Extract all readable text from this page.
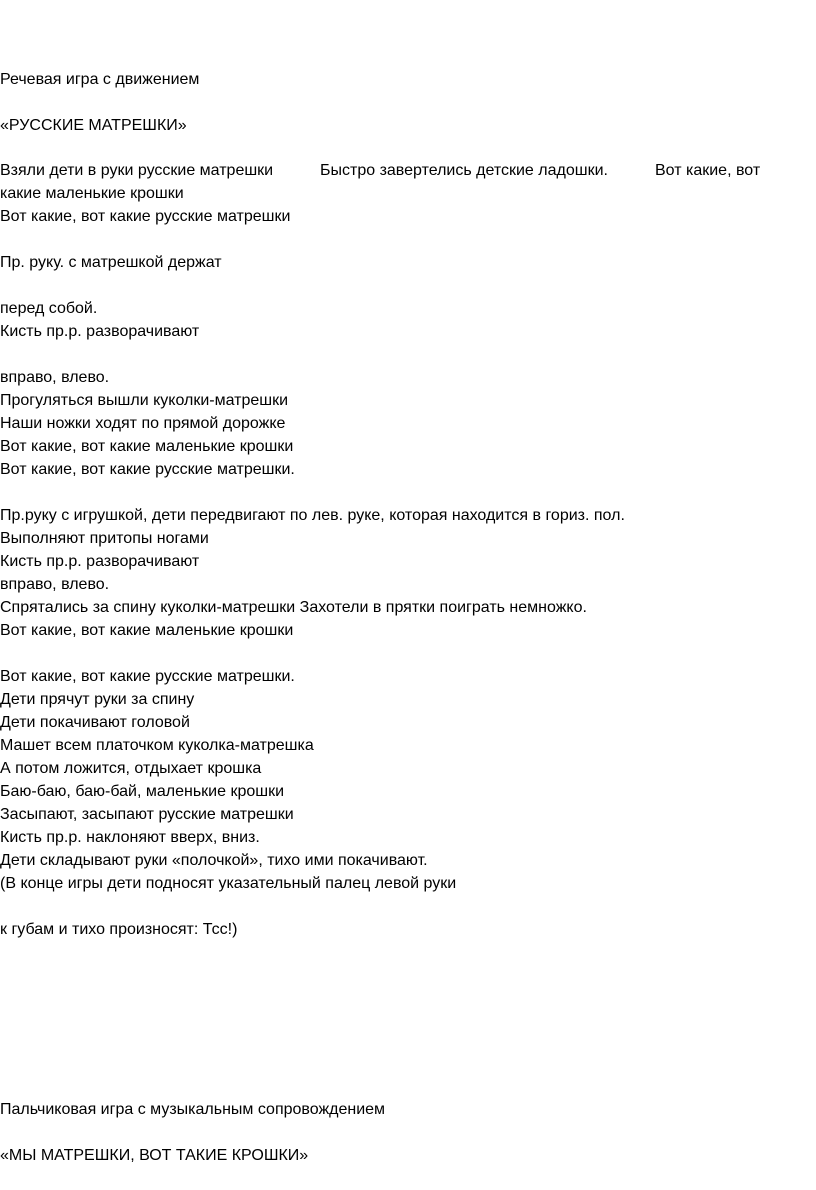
Речевая игра с движением

«РУССКИЕ МАТРЕШКИ»

Взяли дети в руки русские матрешки	Быстро завертелись детские ладошки.	Вот какие, вот

какие маленькие крошки

Вот какие, вот какие русские матрешки

Пр. руку. с матрешкой держат

перед собой.

Кисть пр.р. разворачивают

вправо, влево.

Прогуляться вышли куколки-матрешки

Наши ножки ходят по прямой дорожке

Вот какие, вот какие маленькие крошки

Вот какие, вот какие русские матрешки.

Пр.руку с игрушкой, дети передвигают по лев. руке, которая находится в гориз. пол.

Выполняют притопы ногами

Кисть пр.р. разворачивают

вправо, влево.

Спрятались за спину куколки-матрешки Захотели в прятки поиграть немножко.

Вот какие, вот какие маленькие крошки

Вот какие, вот какие русские матрешки.

Дети прячут руки за спину

Дети покачивают головой

Машет всем платочком куколка-матрешка

А потом ложится, отдыхает крошка

Баю-баю, баю-бай, маленькие крошки

Засыпают, засыпают русские матрешки

Кисть пр.р. наклоняют вверх, вниз.

Дети складывают руки «полочкой», тихо ими покачивают.

(В конце игры дети подносят указательный палец левой руки

к губам и тихо произносят: Тсс!)

Пальчиковая игра с музыкальным сопровождением

«МЫ МАТРЕШКИ, ВОТ ТАКИЕ КРОШКИ»
